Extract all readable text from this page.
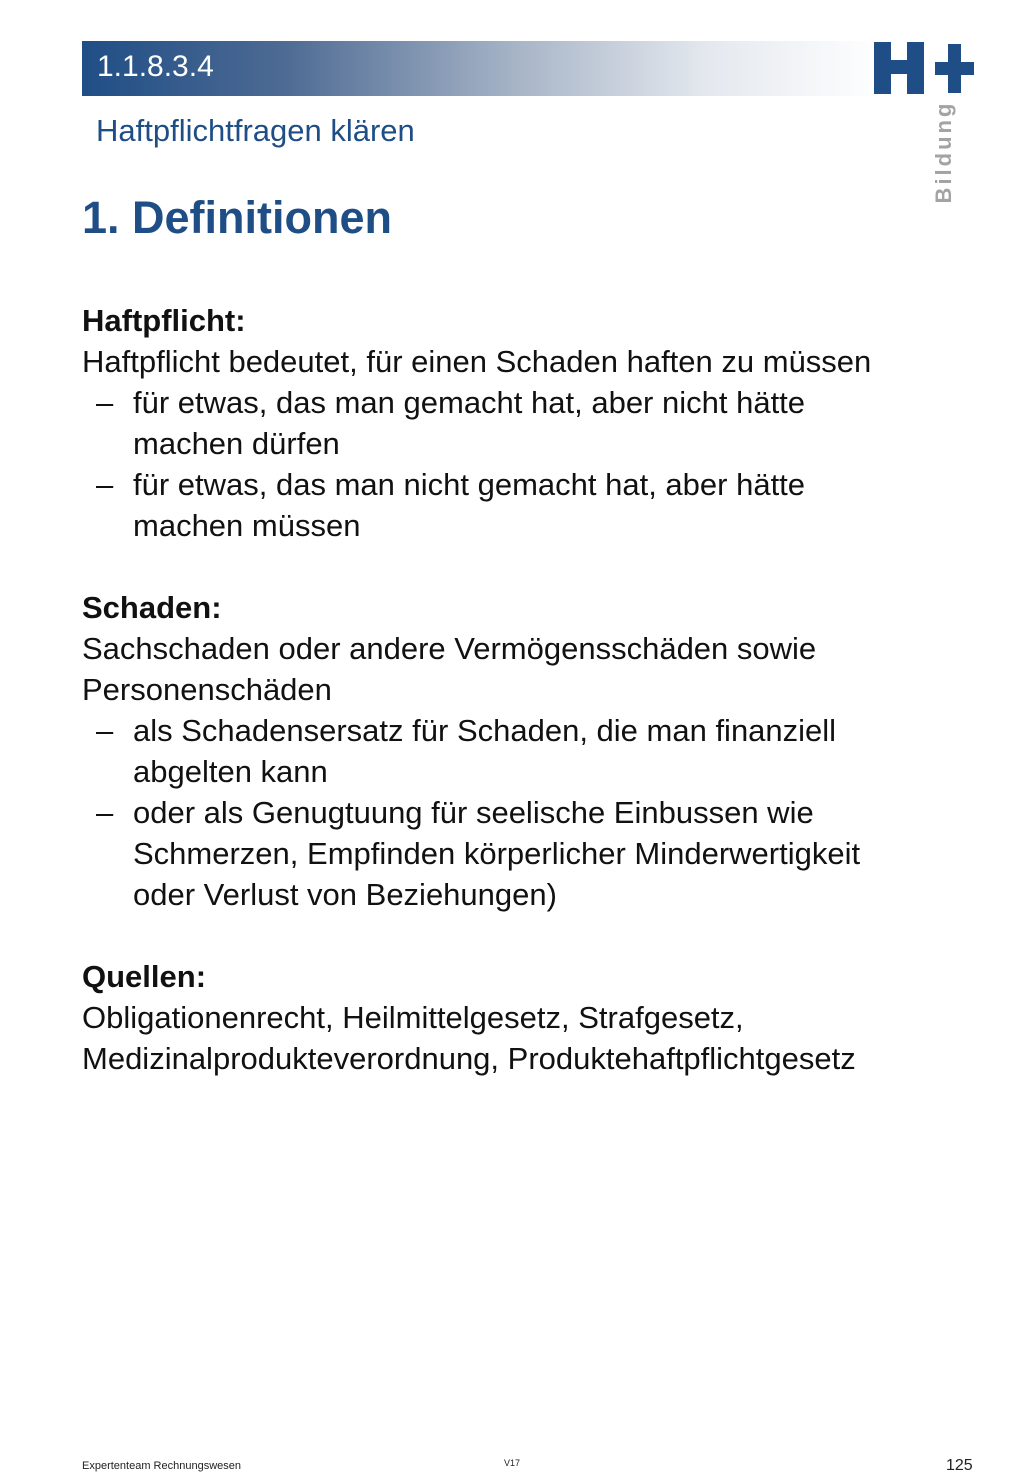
1.1.8.3.4
Haftpflichtfragen klären	Bildung
1. Definitionen
Haftpflicht:
Haftpflicht bedeutet, für einen Schaden haften zu müssen
– für etwas, das man gemacht hat, aber nicht hätte
machen dürfen
– für etwas, das man nicht gemacht hat, aber hätte
machen müssen
Schaden:
Sachschaden oder andere Vermögensschäden sowie
Personenschäden
– als Schadensersatz für Schaden, die man finanziell
abgelten kann
– oder als Genugtuung für seelische Einbussen wie
Schmerzen, Empfinden körperlicher Minderwertigkeit
oder Verlust von Beziehungen)
Quellen:
Obligationenrecht, Heilmittelgesetz, Strafgesetz,
Medizinalprodukteverordnung, Produktehaftpflichtgesetz
Expertenteam Rechnungswesen	V17	125
